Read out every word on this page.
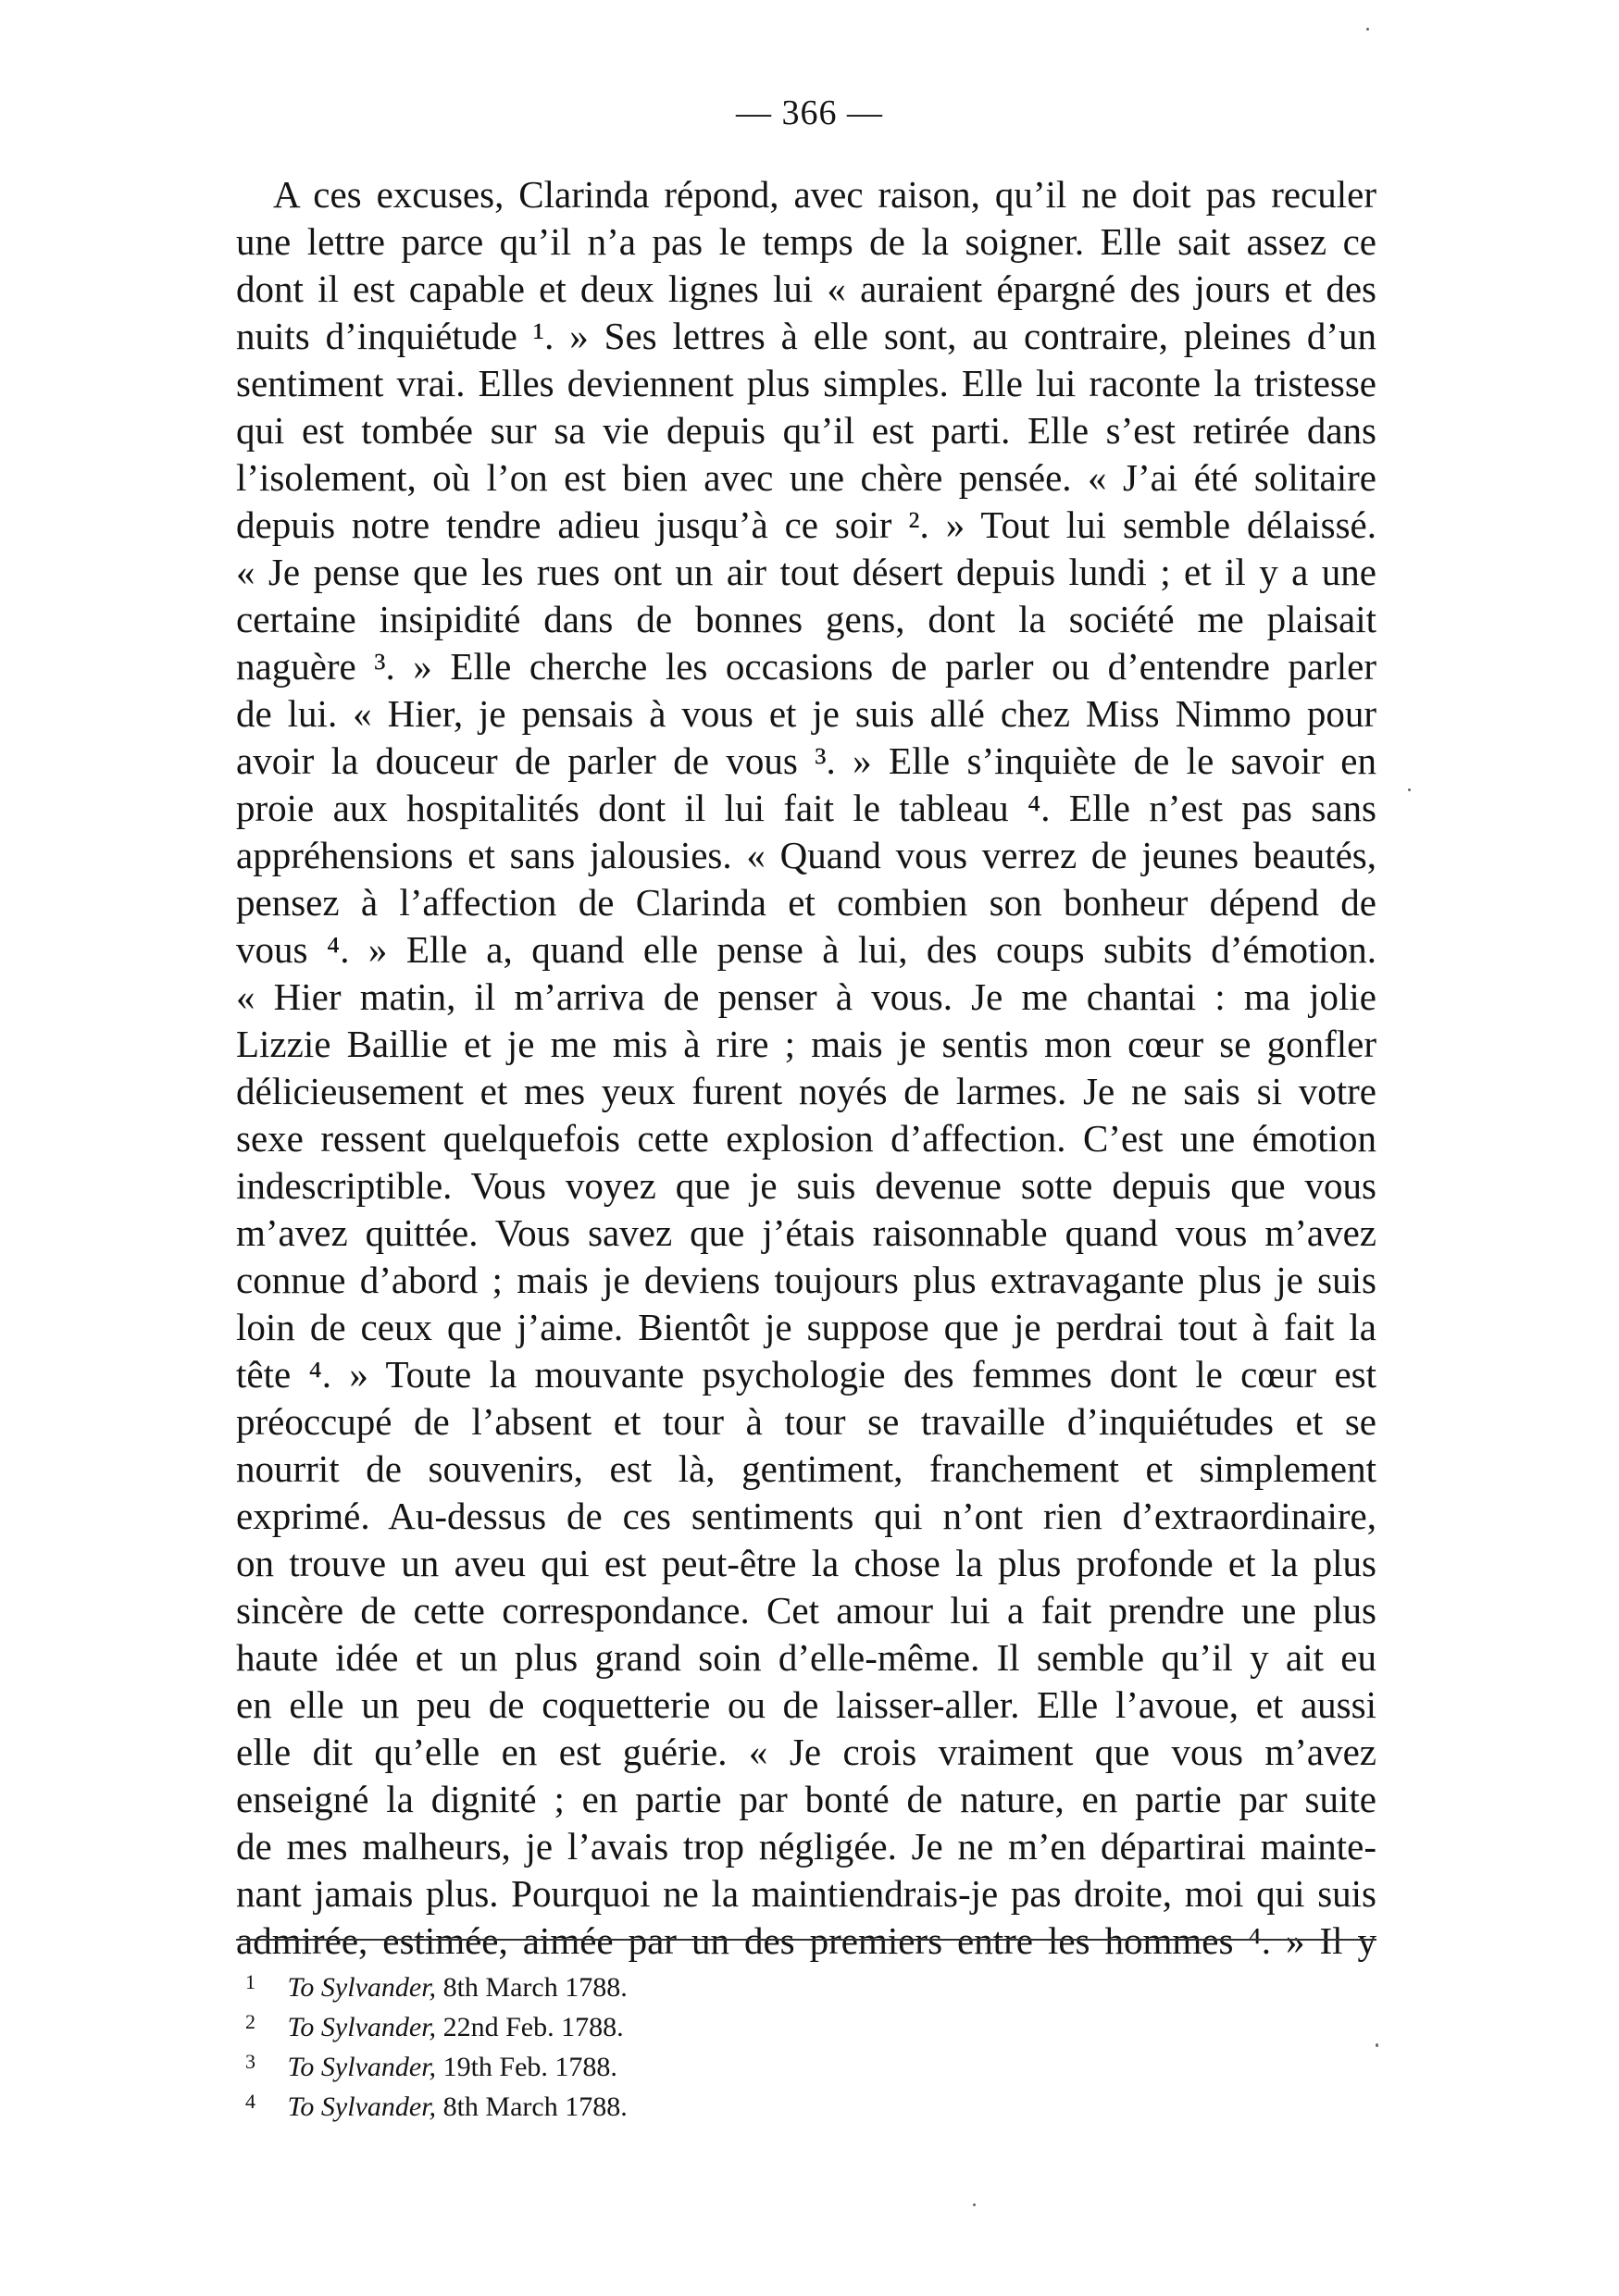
— 366 —
A ces excuses, Clarinda répond, avec raison, qu’il ne doit pas reculer
une lettre parce qu’il n’a pas le temps de la soigner. Elle sait assez ce
dont il est capable et deux lignes lui « auraient épargné des jours et des
nuits d’inquiétude ¹. » Ses lettres à elle sont, au contraire, pleines d’un
sentiment vrai. Elles deviennent plus simples. Elle lui raconte la tristesse
qui est tombée sur sa vie depuis qu’il est parti. Elle s’est retirée dans
l’isolement, où l’on est bien avec une chère pensée. « J’ai été solitaire
depuis notre tendre adieu jusqu’à ce soir ². » Tout lui semble délaissé.
« Je pense que les rues ont un air tout désert depuis lundi ; et il y a une
certaine insipidité dans de bonnes gens, dont la société me plaisait
naguère ³. » Elle cherche les occasions de parler ou d’entendre parler
de lui. « Hier, je pensais à vous et je suis allé chez Miss Nimmo pour
avoir la douceur de parler de vous ³. » Elle s’inquiète de le savoir en
proie aux hospitalités dont il lui fait le tableau ⁴. Elle n’est pas sans
appréhensions et sans jalousies. « Quand vous verrez de jeunes beautés,
pensez à l’affection de Clarinda et combien son bonheur dépend de
vous ⁴. » Elle a, quand elle pense à lui, des coups subits d’émotion.
« Hier matin, il m’arriva de penser à vous. Je me chantai : ma jolie
Lizzie Baillie et je me mis à rire ; mais je sentis mon cœur se gonfler
délicieusement et mes yeux furent noyés de larmes. Je ne sais si votre
sexe ressent quelquefois cette explosion d’affection. C’est une émotion
indescriptible. Vous voyez que je suis devenue sotte depuis que vous
m’avez quittée. Vous savez que j’étais raisonnable quand vous m’avez
connue d’abord ; mais je deviens toujours plus extravagante plus je suis
loin de ceux que j’aime. Bientôt je suppose que je perdrai tout à fait la
tête ⁴. » Toute la mouvante psychologie des femmes dont le cœur est
préoccupé de l’absent et tour à tour se travaille d’inquiétudes et se
nourrit de souvenirs, est là, gentiment, franchement et simplement
exprimé. Au-dessus de ces sentiments qui n’ont rien d’extraordinaire,
on trouve un aveu qui est peut-être la chose la plus profonde et la plus
sincère de cette correspondance. Cet amour lui a fait prendre une plus
haute idée et un plus grand soin d’elle-même. Il semble qu’il y ait eu
en elle un peu de coquetterie ou de laisser-aller. Elle l’avoue, et aussi
elle dit qu’elle en est guérie. « Je crois vraiment que vous m’avez
enseigné la dignité ; en partie par bonté de nature, en partie par suite
de mes malheurs, je l’avais trop négligée. Je ne m’en départirai mainte-
nant jamais plus. Pourquoi ne la maintiendrais-je pas droite, moi qui suis
admirée, estimée, aimée par un des premiers entre les hommes ⁴. » Il y
1 To Sylvander, 8th March 1788.
2 To Sylvander, 22nd Feb. 1788.
3 To Sylvander, 19th Feb. 1788.
4 To Sylvander, 8th March 1788.
